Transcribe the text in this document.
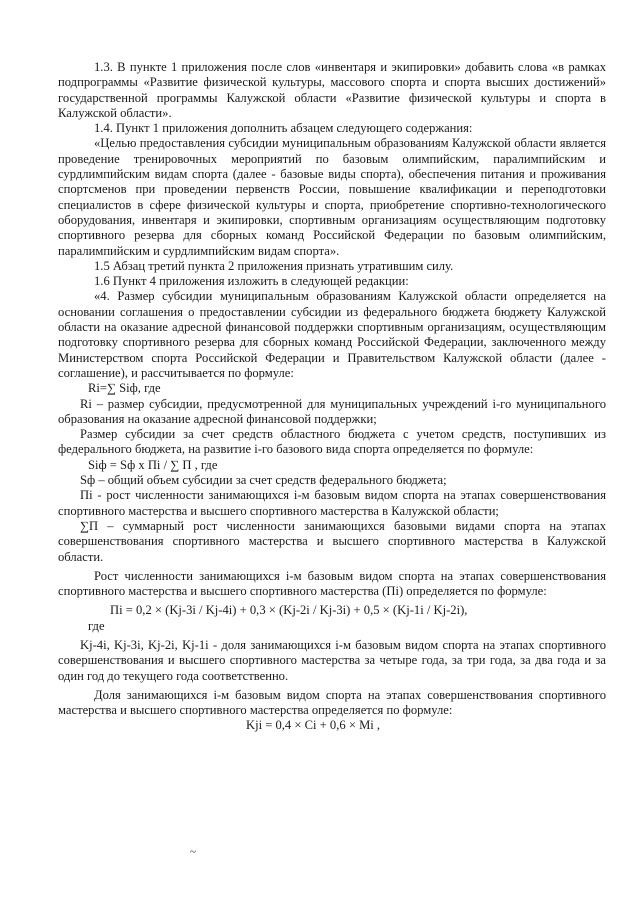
1.3. В пункте 1 приложения после слов «инвентаря и экипировки» добавить слова «в рамках подпрограммы «Развитие физической культуры, массового спорта и спорта высших достижений» государственной программы Калужской области «Развитие физической культуры и спорта в Калужской области».

1.4. Пункт 1 приложения дополнить абзацем следующего содержания:

«Целью предоставления субсидии муниципальным образованиям Калужской области является проведение тренировочных мероприятий по базовым олимпийским, паралимпийским и сурдлимпийским видам спорта (далее - базовые виды спорта), обеспечения питания и проживания спортсменов при проведении первенств России, повышение квалификации и переподготовки специалистов в сфере физической культуры и спорта, приобретение спортивно-технологического оборудования, инвентаря и экипировки, спортивным организациям осуществляющим подготовку спортивного резерва для сборных команд Российской Федерации по базовым олимпийским, паралимпийским и сурдлимпийским видам спорта».

1.5 Абзац третий пункта 2 приложения признать утратившим силу.

1.6 Пункт 4 приложения изложить в следующей редакции:

«4. Размер субсидии муниципальным образованиям Калужской области определяется на основании соглашения о предоставлении субсидии из федерального бюджета бюджету Калужской области на оказание адресной финансовой поддержки спортивным организациям, осуществляющим подготовку спортивного резерва для сборных команд Российской Федерации, заключенного между Министерством спорта Российской Федерации и Правительством Калужской области (далее - соглашение), и рассчитывается по формуле:

Ri=∑ Siф, где

Ri – размер субсидии, предусмотренной для муниципальных учреждений i-го муниципального образования на оказание адресной финансовой поддержки;

Размер субсидии за счет средств областного бюджета с учетом средств, поступивших из федерального бюджета, на развитие i-го базового вида спорта определяется по формуле:

Siф = Sф х Пi / ∑ П , где

Sф – общий объем субсидии за счет средств федерального бюджета;

Пi - рост численности занимающихся i-м базовым видом спорта на этапах совершенствования спортивного мастерства и высшего спортивного мастерства в Калужской области;

∑П – суммарный рост численности занимающихся базовыми видами спорта на этапах совершенствования спортивного мастерства и высшего спортивного мастерства в Калужской области.

Рост численности занимающихся i-м базовым видом спорта на этапах совершенствования спортивного мастерства и высшего спортивного мастерства (Пi) определяется по формуле:

Пi = 0,2 × (Kj-3i / Kj-4i) + 0,3 × (Kj-2i / Kj-3i) + 0,5 × (Kj-1i / Kj-2i),

где

Kj-4i, Kj-3i, Kj-2i, Kj-1i - доля занимающихся i-м базовым видом спорта на этапах спортивного совершенствования и высшего спортивного мастерства за четыре года, за три года, за два года и за один год до текущего года соответственно.

Доля занимающихся i-м базовым видом спорта на этапах совершенствования спортивного мастерства и высшего спортивного мастерства определяется по формуле:

Kji = 0,4 × Ci + 0,6 × Mi ,

~
